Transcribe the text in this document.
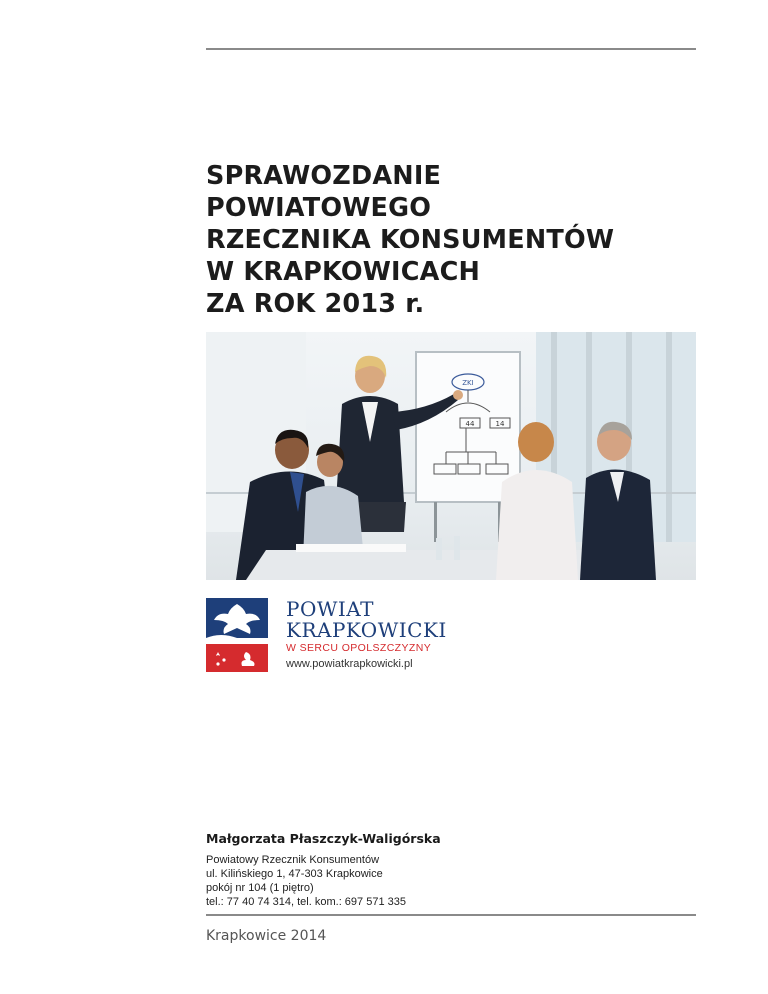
SPRAWOZDANIE
POWIATOWEGO
RZECZNIKA KONSUMENTÓW
W KRAPKOWICACH
ZA ROK 2013 r.
ZKI
44	14
POWIAT
KRAPKOWICKI
W SERCU OPOLSZCZYZNY
www.powiatkrapkowicki.pl
Małgorzata Płaszczyk-Waligórska
Powiatowy Rzecznik Konsumentów
ul. Kilińskiego 1, 47-303 Krapkowice
pokój nr 104 (1 piętro)
tel.: 77 40 74 314, tel. kom.: 697 571 335
Krapkowice 2014
